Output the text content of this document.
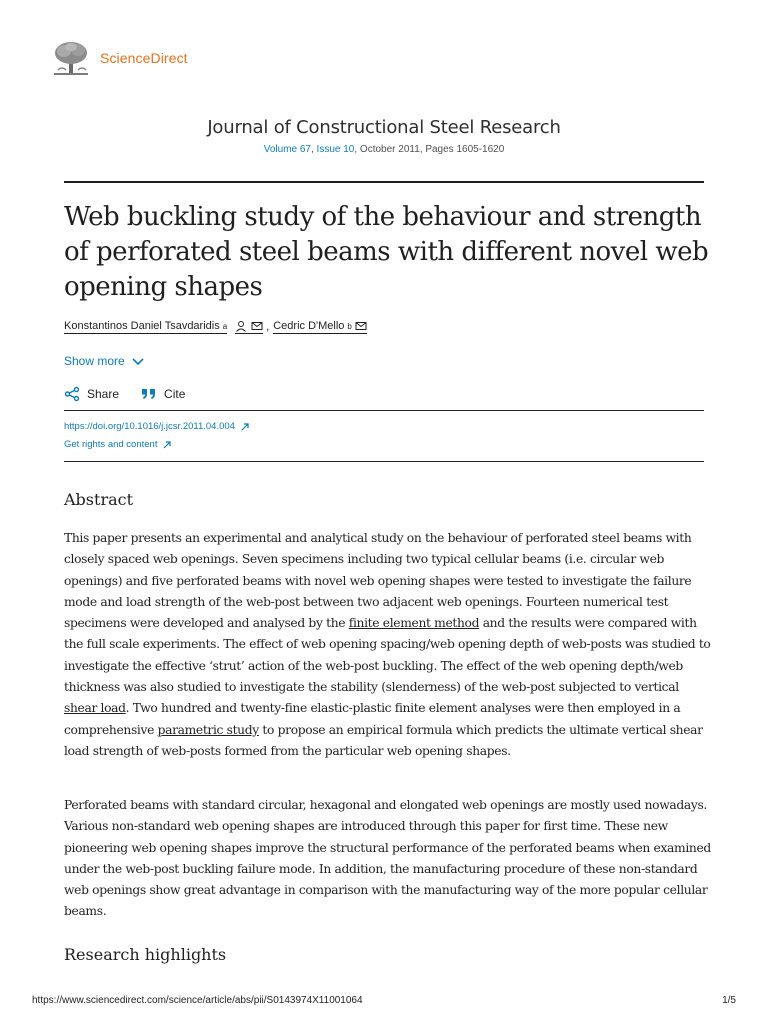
ScienceDirect
Journal of Constructional Steel Research
Volume 67, Issue 10, October 2011, Pages 1605-1620
Web buckling study of the behaviour and strength of perforated steel beams with different novel web opening shapes
Konstantinos Daniel Tsavdaridis a	, Cedric D'Mello b
Show more
Share	Cite
https://doi.org/10.1016/j.jcsr.2011.04.004
Get rights and content
Abstract

This paper presents an experimental and analytical study on the behaviour of perforated steel beams with closely spaced web openings. Seven specimens including two typical cellular beams (i.e. circular web openings) and five perforated beams with novel web opening shapes were tested to investigate the failure mode and load strength of the web-post between two adjacent web openings. Fourteen numerical test specimens were developed and analysed by the finite element method and the results were compared with the full scale experiments. The effect of web opening spacing/web opening depth of web-posts was studied to investigate the effective ‘strut’ action of the web-post buckling. The effect of the web opening depth/web thickness was also studied to investigate the stability (slenderness) of the web-post subjected to vertical shear load. Two hundred and twenty-fine elastic-plastic finite element analyses were then employed in a comprehensive parametric study to propose an empirical formula which predicts the ultimate vertical shear load strength of web-posts formed from the particular web opening shapes.

Perforated beams with standard circular, hexagonal and elongated web openings are mostly used nowadays. Various non-standard web opening shapes are introduced through this paper for first time. These new pioneering web opening shapes improve the structural performance of the perforated beams when examined under the web-post buckling failure mode. In addition, the manufacturing procedure of these non-standard web openings show great advantage in comparison with the manufacturing way of the more popular cellular beams.

Research highlights
https://www.sciencedirect.com/science/article/abs/pii/S0143974X11001064	1/5
